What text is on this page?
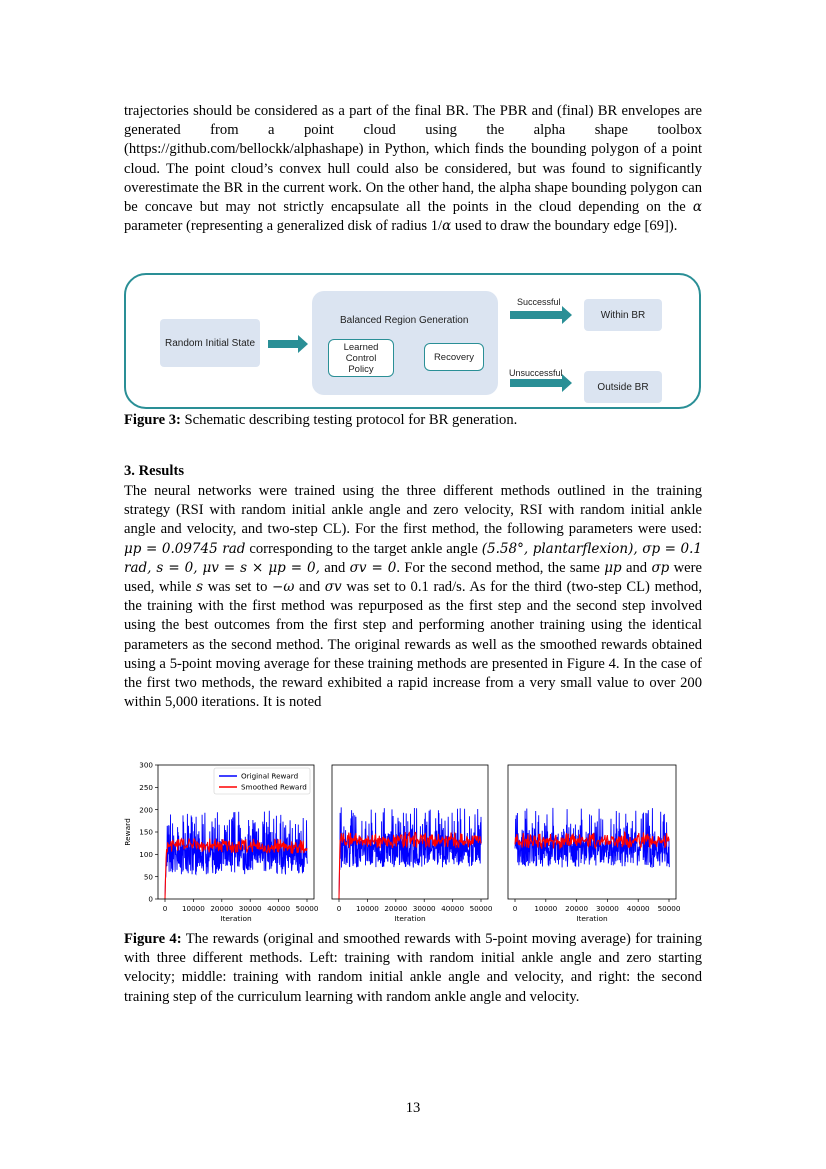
trajectories should be considered as a part of the final BR. The PBR and (final) BR envelopes are generated from a point cloud using the alpha shape toolbox (https://github.com/bellockk/alphashape) in Python, which finds the bounding polygon of a point cloud. The point cloud’s convex hull could also be considered, but was found to significantly overestimate the BR in the current work. On the other hand, the alpha shape bounding polygon can be concave but may not strictly encapsulate all the points in the cloud depending on the α parameter (representing a generalized disk of radius 1/α used to draw the boundary edge [69]).
Random Initial State
Balanced Region Generation
Learned Control Policy
Recovery
Successful
Unsuccessful
Within BR
Outside BR
Figure 3: Schematic describing testing protocol for BR generation.
3. Results
The neural networks were trained using the three different methods outlined in the training strategy (RSI with random initial ankle angle and zero velocity, RSI with random initial ankle angle and velocity, and two-step CL). For the first method, the following parameters were used: μp = 0.09745 rad corresponding to the target ankle angle (5.58°, plantarflexion), σp = 0.1 rad, s = 0, μv = s × μp = 0, and σv = 0. For the second method, the same μp and σp were used, while s was set to −ω and σv was set to 0.1 rad/s. As for the third (two-step CL) method, the training with the first method was repurposed as the first step and the second step involved using the best outcomes from the first step and performing another training using the identical parameters as the second method. The original rewards as well as the smoothed rewards obtained using a 5-point moving average for these training methods are presented in Figure 4. In the case of the first two methods, the reward exhibited a rapid increase from a very small value to over 200 within 5,000 iterations. It is noted
0 10000 20000 30000 40000 50000
Iteration
0
50
100
150
200
250
300
Reward
Original Reward
Smoothed Reward
0 10000 20000 30000 40000 50000
Iteration
0 10000 20000 30000 40000 50000
Iteration
Figure 4: The rewards (original and smoothed rewards with 5-point moving average) for training with three different methods. Left: training with random initial ankle angle and zero starting velocity; middle: training with random initial ankle angle and velocity, and right: the second training step of the curriculum learning with random ankle angle and velocity.
13
